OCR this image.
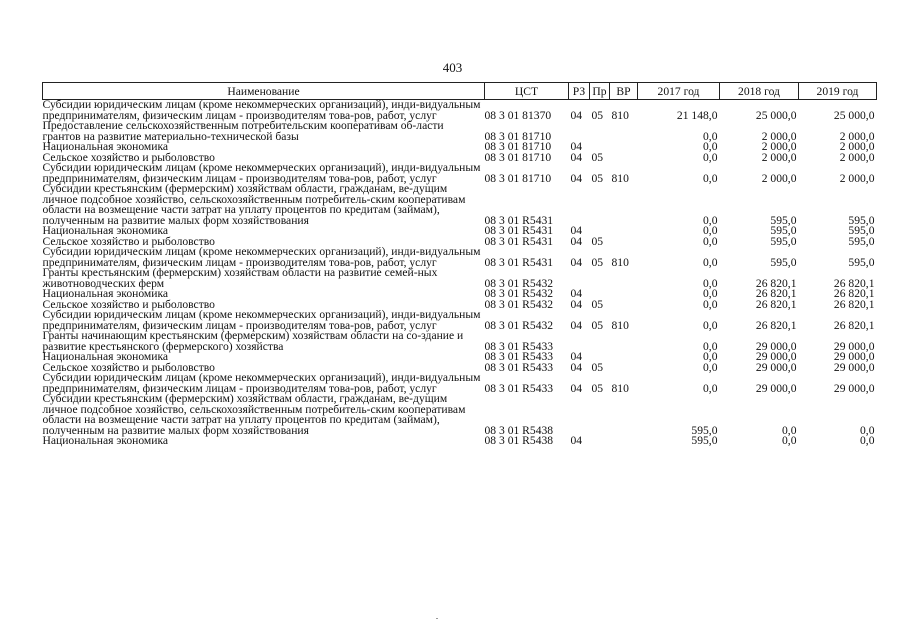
403
Наименование	ЦСТ	РЗ	Пр	ВР	2017 год	2018 год	2019 год
Субсидии юридическим лицам (кроме некоммерческих организаций), инди-видуальным предпринимателям, физическим лицам - производителям това-ров, работ, услуг	08 3 01 81370	04	05	810	21 148,0	25 000,0	25 000,0
Предоставление сельскохозяйственным потребительским кооперативам об-ласти грантов на развитие материально-технической базы	08 3 01 81710				0,0	2 000,0	2 000,0
Национальная экономика	08 3 01 81710	04			0,0	2 000,0	2 000,0
Сельское хозяйство и рыболовство	08 3 01 81710	04	05		0,0	2 000,0	2 000,0
Субсидии юридическим лицам (кроме некоммерческих организаций), инди-видуальным предпринимателям, физическим лицам - производителям това-ров, работ, услуг	08 3 01 81710	04	05	810	0,0	2 000,0	2 000,0
Субсидии крестьянским (фермерским) хозяйствам области, гражданам, ве-дущим личное подсобное хозяйство, сельскохозяйственным потребитель-ским кооперативам области на возмещение части затрат на уплату процентов по кредитам (займам), полученным на развитие малых форм хозяйствования	08 3 01 R5431				0,0	595,0	595,0
Национальная экономика	08 3 01 R5431	04			0,0	595,0	595,0
Сельское хозяйство и рыболовство	08 3 01 R5431	04	05		0,0	595,0	595,0
Субсидии юридическим лицам (кроме некоммерческих организаций), инди-видуальным предпринимателям, физическим лицам - производителям това-ров, работ, услуг	08 3 01 R5431	04	05	810	0,0	595,0	595,0
Гранты крестьянским (фермерским) хозяйствам области на развитие семей-ных животноводческих ферм	08 3 01 R5432				0,0	26 820,1	26 820,1
Национальная экономика	08 3 01 R5432	04			0,0	26 820,1	26 820,1
Сельское хозяйство и рыболовство	08 3 01 R5432	04	05		0,0	26 820,1	26 820,1
Субсидии юридическим лицам (кроме некоммерческих организаций), инди-видуальным предпринимателям, физическим лицам - производителям това-ров, работ, услуг	08 3 01 R5432	04	05	810	0,0	26 820,1	26 820,1
Гранты начинающим крестьянским (фермерским) хозяйствам области на со-здание и развитие крестьянского (фермерского) хозяйства	08 3 01 R5433				0,0	29 000,0	29 000,0
Национальная экономика	08 3 01 R5433	04			0,0	29 000,0	29 000,0
Сельское хозяйство и рыболовство	08 3 01 R5433	04	05		0,0	29 000,0	29 000,0
Субсидии юридическим лицам (кроме некоммерческих организаций), инди-видуальным предпринимателям, физическим лицам - производителям това-ров, работ, услуг	08 3 01 R5433	04	05	810	0,0	29 000,0	29 000,0
Субсидии крестьянским (фермерским) хозяйствам области, гражданам, ве-дущим личное подсобное хозяйство, сельскохозяйственным потребитель-ским кооперативам области на возмещение части затрат на уплату процентов по кредитам (займам), полученным на развитие малых форм хозяйствования	08 3 01 R5438				595,0	0,0	0,0
Национальная экономика	08 3 01 R5438	04			595,0	0,0	0,0
